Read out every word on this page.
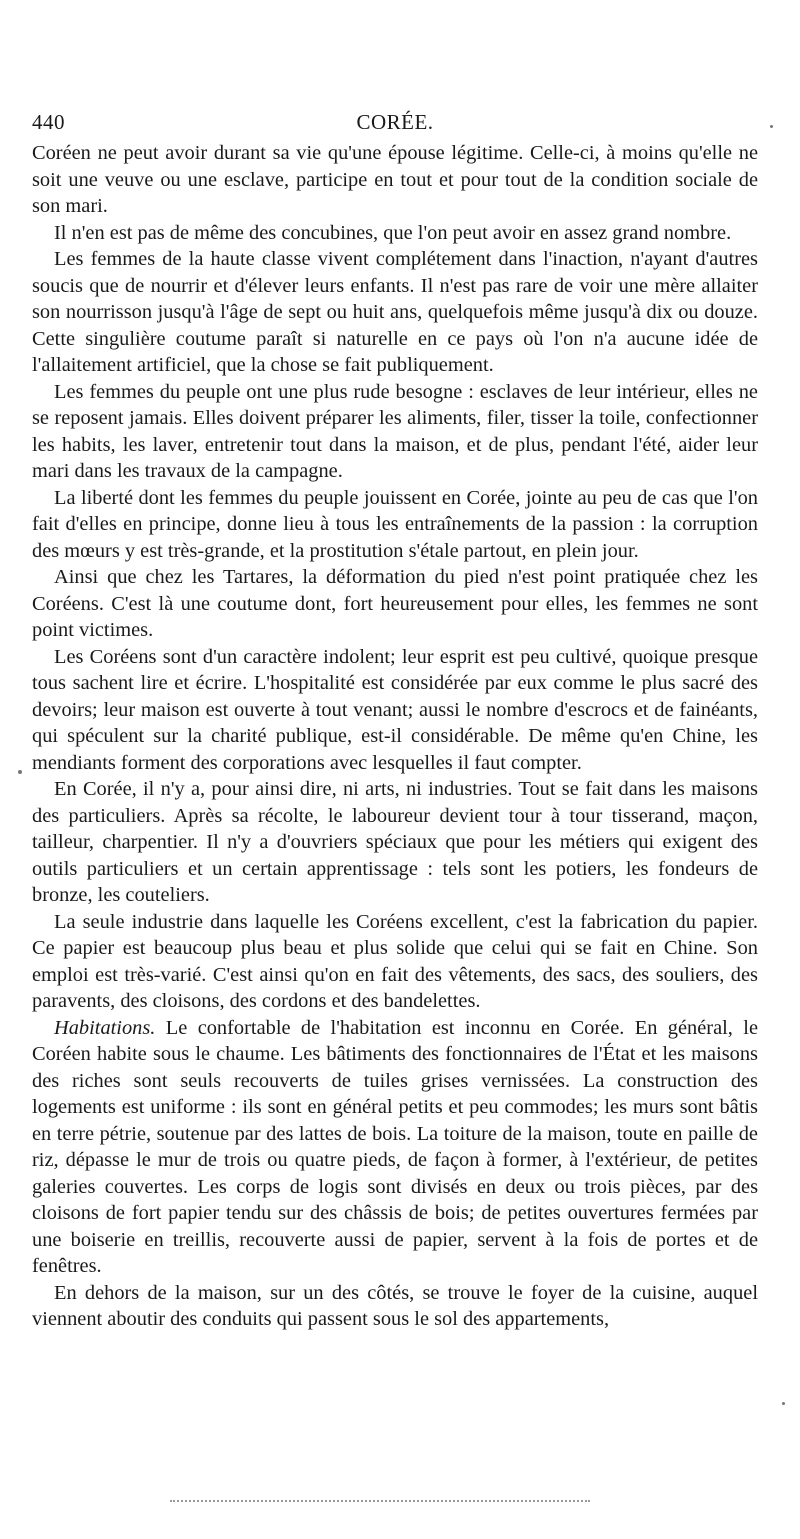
440	CORÉE.

Coréen ne peut avoir durant sa vie qu'une épouse légitime. Celle-ci, à moins qu'elle ne soit une veuve ou une esclave, participe en tout et pour tout de la condition sociale de son mari.

Il n'en est pas de même des concubines, que l'on peut avoir en assez grand nombre.

Les femmes de la haute classe vivent complétement dans l'inaction, n'ayant d'autres soucis que de nourrir et d'élever leurs enfants. Il n'est pas rare de voir une mère allaiter son nourrisson jusqu'à l'âge de sept ou huit ans, quelquefois même jusqu'à dix ou douze. Cette singulière coutume paraît si naturelle en ce pays où l'on n'a aucune idée de l'allaitement artificiel, que la chose se fait publiquement.

Les femmes du peuple ont une plus rude besogne : esclaves de leur intérieur, elles ne se reposent jamais. Elles doivent préparer les aliments, filer, tisser la toile, confectionner les habits, les laver, entretenir tout dans la maison, et de plus, pendant l'été, aider leur mari dans les travaux de la campagne.

La liberté dont les femmes du peuple jouissent en Corée, jointe au peu de cas que l'on fait d'elles en principe, donne lieu à tous les entraînements de la passion : la corruption des mœurs y est très-grande, et la prostitution s'étale partout, en plein jour.

Ainsi que chez les Tartares, la déformation du pied n'est point pratiquée chez les Coréens. C'est là une coutume dont, fort heureusement pour elles, les femmes ne sont point victimes.

Les Coréens sont d'un caractère indolent; leur esprit est peu cultivé, quoique presque tous sachent lire et écrire. L'hospitalité est considérée par eux comme le plus sacré des devoirs; leur maison est ouverte à tout venant; aussi le nombre d'escrocs et de fainéants, qui spéculent sur la charité publique, est-il considérable. De même qu'en Chine, les mendiants forment des corporations avec lesquelles il faut compter.

En Corée, il n'y a, pour ainsi dire, ni arts, ni industries. Tout se fait dans les maisons des particuliers. Après sa récolte, le laboureur devient tour à tour tisserand, maçon, tailleur, charpentier. Il n'y a d'ouvriers spéciaux que pour les métiers qui exigent des outils particuliers et un certain apprentissage : tels sont les potiers, les fondeurs de bronze, les couteliers.

La seule industrie dans laquelle les Coréens excellent, c'est la fabrication du papier. Ce papier est beaucoup plus beau et plus solide que celui qui se fait en Chine. Son emploi est très-varié. C'est ainsi qu'on en fait des vêtements, des sacs, des souliers, des paravents, des cloisons, des cordons et des bandelettes.

Habitations. Le confortable de l'habitation est inconnu en Corée. En général, le Coréen habite sous le chaume. Les bâtiments des fonctionnaires de l'État et les maisons des riches sont seuls recouverts de tuiles grises vernissées. La construction des logements est uniforme : ils sont en général petits et peu commodes; les murs sont bâtis en terre pétrie, soutenue par des lattes de bois. La toiture de la maison, toute en paille de riz, dépasse le mur de trois ou quatre pieds, de façon à former, à l'extérieur, de petites galeries couvertes. Les corps de logis sont divisés en deux ou trois pièces, par des cloisons de fort papier tendu sur des châssis de bois; de petites ouvertures fermées par une boiserie en treillis, recouverte aussi de papier, servent à la fois de portes et de fenêtres.

En dehors de la maison, sur un des côtés, se trouve le foyer de la cuisine, auquel viennent aboutir des conduits qui passent sous le sol des appartements,
